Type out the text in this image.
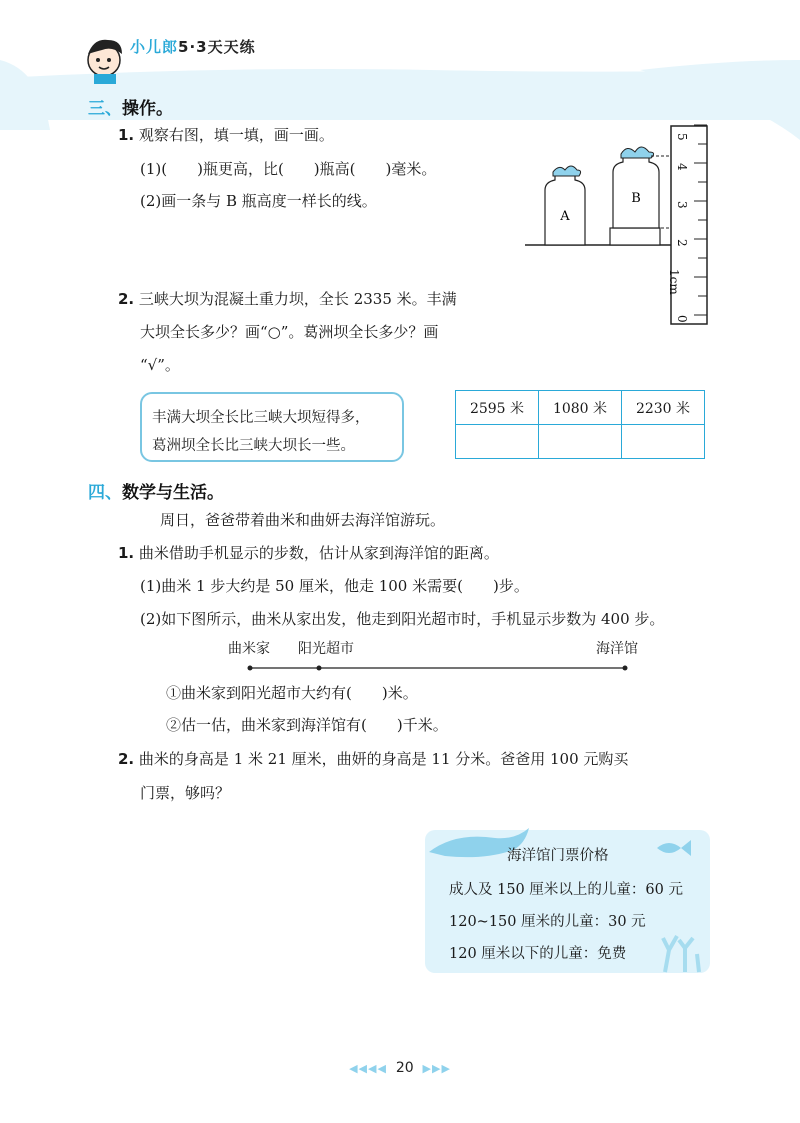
小儿郎5·3天天练
三、操作。
1. 观察右图，填一填，画一画。
(1)(　　)瓶更高，比(　　)瓶高(　　)毫米。
(2)画一条与 B 瓶高度一样长的线。
A
B
0
1cm
2
3
4
5
2. 三峡大坝为混凝土重力坝，全长 2335 米。丰满
大坝全长多少？画“○”。葛洲坝全长多少？画
“√”。
丰满大坝全长比三峡大坝短得多，
葛洲坝全长比三峡大坝长一些。
2595 米	1080 米	2230 米

四、数学与生活。
周日，爸爸带着曲米和曲妍去海洋馆游玩。
1. 曲米借助手机显示的步数，估计从家到海洋馆的距离。
(1)曲米 1 步大约是 50 厘米，他走 100 米需要(　　)步。
(2)如下图所示，曲米从家出发，他走到阳光超市时，手机显示步数为 400 步。
曲米家 阳光超市	海洋馆
①曲米家到阳光超市大约有(　　)米。
②估一估，曲米家到海洋馆有(　　)千米。
2. 曲米的身高是 1 米 21 厘米，曲妍的身高是 11 分米。爸爸用 100 元购买
门票，够吗？
海洋馆门票价格
成人及 150 厘米以上的儿童：60 元
120~150 厘米的儿童：30 元
120 厘米以下的儿童：免费
◀◀◀◀ 20 ▶▶▶
